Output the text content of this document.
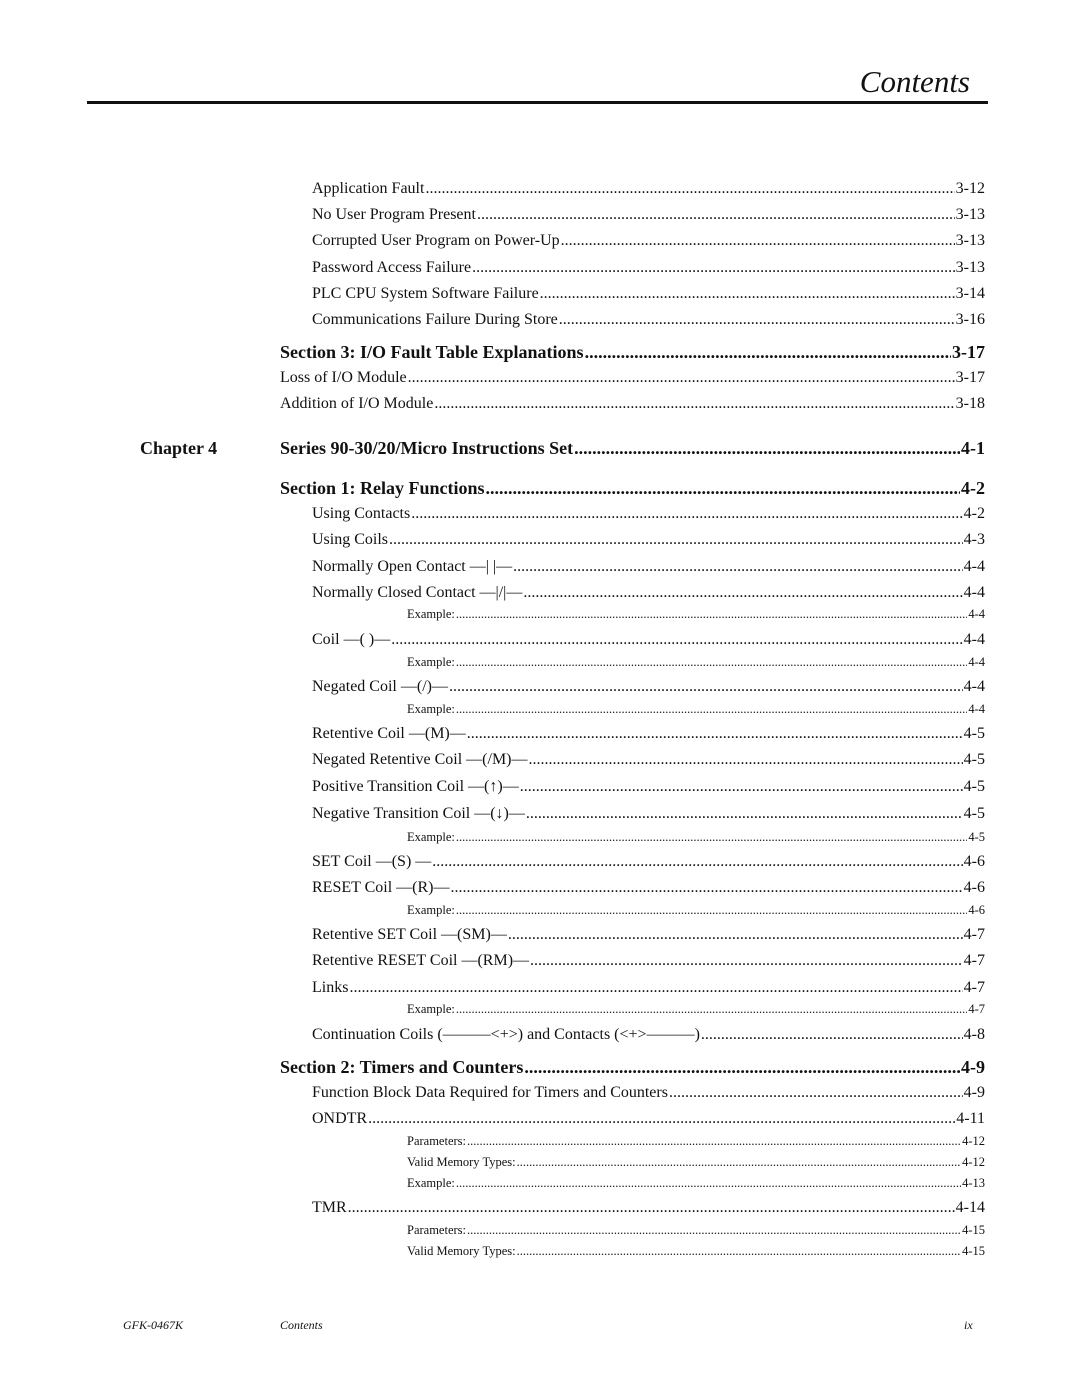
Contents
Application Fault .....	3-12
No User Program Present .....	3-13
Corrupted User Program on Power-Up .....	3-13
Password Access Failure .....	3-13
PLC CPU System Software Failure .....	3-14
Communications Failure During Store .....	3-16
Section 3: I/O Fault Table Explanations .....	3-17
Loss of I/O Module .....	3-17
Addition of I/O Module .....	3-18
Series 90-30/20/Micro Instructions Set .....	4-1
Section 1: Relay Functions .....	4-2
Using Contacts .....	4-2
Using Coils .....	4-3
Normally Open Contact —| |— .....	4-4
Normally Closed Contact —|/|— .....	4-4
Example: .....	4-4
Coil —( )— .....	4-4
Example: .....	4-4
Negated Coil —(/)— .....	4-4
Example: .....	4-4
Retentive Coil —(M)— .....	4-5
Negated Retentive Coil —(/M)— .....	4-5
Positive Transition Coil —(↑)— .....	4-5
Negative Transition Coil —(↓)— .....	4-5
Example: .....	4-5
SET Coil —(S) — .....	4-6
RESET Coil —(R)— .....	4-6
Example: .....	4-6
Retentive SET Coil —(SM)— .....	4-7
Retentive RESET Coil —(RM)— .....	4-7
Links .....	4-7
Example: .....	4-7
Continuation Coils (———<+>) and Contacts (<+>———) .....	4-8
Section 2: Timers and Counters .....	4-9
Function Block Data Required for Timers and Counters .....	4-9
ONDTR .....	4-11
Parameters: .....	4-12
Valid Memory Types: .....	4-12
Example: .....	4-13
TMR .....	4-14
Parameters: .....	4-15
Valid Memory Types: .....	4-15
Chapter 4
GFK-0467K	Contents	ix
